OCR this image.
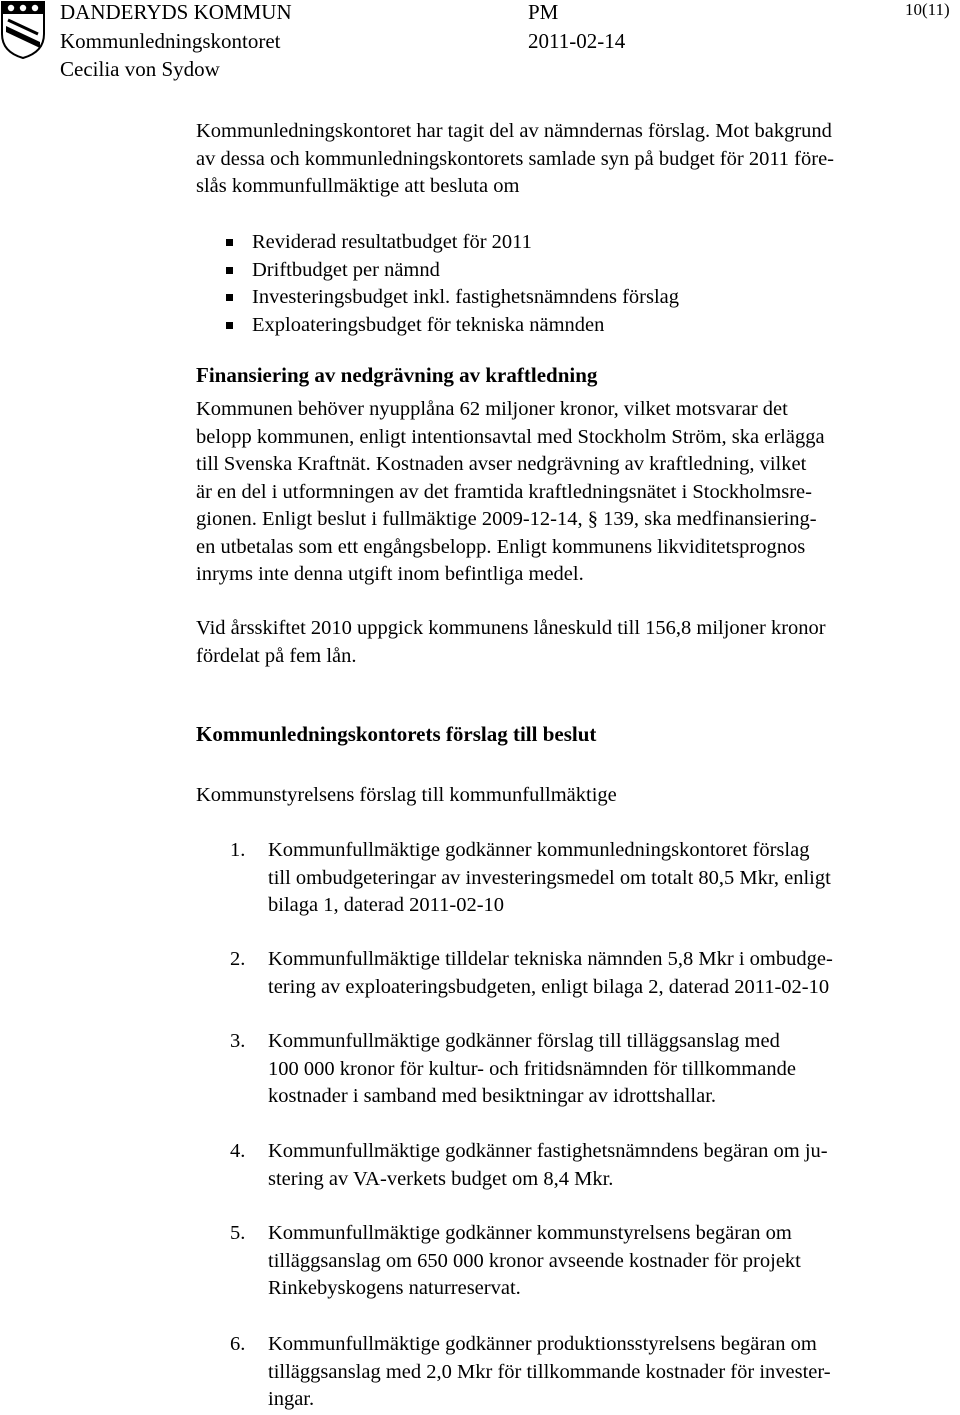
DANDERYDS KOMMUN
Kommunledningskontoret
Cecilia von Sydow
PM
2011-02-14
10(11)
Kommunledningskontoret har tagit del av nämndernas förslag. Mot bakgrund
av dessa och kommunledningskontorets samlade syn på budget för 2011 före-
slås kommunfullmäktige att besluta om
Reviderad resultatbudget för 2011
Driftbudget per nämnd
Investeringsbudget inkl. fastighetsnämndens förslag
Exploateringsbudget för tekniska nämnden
Finansiering av nedgrävning av kraftledning
Kommunen behöver nyupplåna 62 miljoner kronor, vilket motsvarar det
belopp kommunen, enligt intentionsavtal med Stockholm Ström, ska erlägga
till Svenska Kraftnät. Kostnaden avser nedgrävning av kraftledning, vilket
är en del i utformningen av det framtida kraftledningsnätet i Stockholmsre-
gionen. Enligt beslut i fullmäktige 2009-12-14, § 139, ska medfinansiering-
en utbetalas som ett engångsbelopp. Enligt kommunens likviditetsprognos
inryms inte denna utgift inom befintliga medel.
Vid årsskiftet 2010 uppgick kommunens låneskuld till 156,8 miljoner kronor
fördelat på fem lån.
Kommunledningskontorets förslag till beslut
Kommunstyrelsens förslag till kommunfullmäktige
1. Kommunfullmäktige godkänner kommunledningskontoret förslag
till ombudgeteringar av investeringsmedel om totalt 80,5 Mkr, enligt
bilaga 1, daterad 2011-02-10
2. Kommunfullmäktige tilldelar tekniska nämnden 5,8 Mkr i ombudge-
tering av exploateringsbudgeten, enligt bilaga 2, daterad 2011-02-10
3. Kommunfullmäktige godkänner förslag till tilläggsanslag med
100 000 kronor för kultur- och fritidsnämnden för tillkommande
kostnader i samband med besiktningar av idrottshallar.
4. Kommunfullmäktige godkänner fastighetsnämndens begäran om ju-
stering av VA-verkets budget om 8,4 Mkr.
5. Kommunfullmäktige godkänner kommunstyrelsens begäran om
tilläggsanslag om 650 000 kronor avseende kostnader för projekt
Rinkebyskogens naturreservat.
6. Kommunfullmäktige godkänner produktionsstyrelsens begäran om
tilläggsanslag med 2,0 Mkr för tillkommande kostnader för invester-
ingar.
